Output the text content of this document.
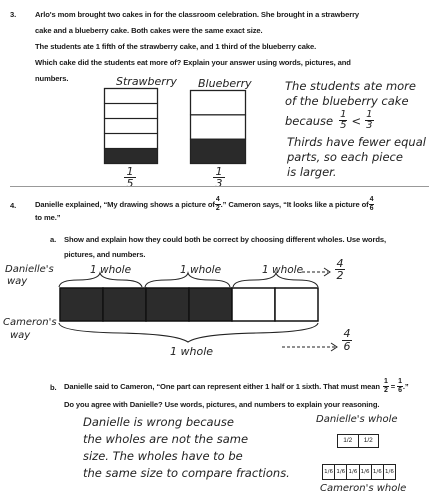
3. Arlo's mom brought two cakes in for the classroom celebration. She brought in a strawberry
cake and a blueberry cake. Both cakes were the same exact size.
The students ate 1 fifth of the strawberry cake, and 1 third of the blueberry cake.
Which cake did the students eat more of? Explain your answer using words, pictures, and
numbers.	Strawberry
1
5
Blueberry
1
3
The students ate more
of the blueberry cake
because $\frac{1}{5} < \frac{1}{3}$
Thirds have fewer equal
parts, so each piece
is larger.
4. Danielle explained, “My drawing shows a picture of $\frac{4}{2}$ .” Cameron says, “It looks like a picture of $\frac{4}{6}$
to me.”
a. Show and explain how they could both be correct by choosing different wholes. Use words,
pictures, and numbers.
Danielle's
way
1 whole	1 whole	1 whole	4
2
Cameron's
way
1 whole
4
6
b. Danielle said to Cameron, “One part can represent either 1 half or 1 sixth. That must mean $\frac{1}{2} = \frac{1}{6}$ .”
Do you agree with Danielle? Use words, pictures, and numbers to explain your reasoning.
Danielle is wrong because
the wholes are not the same
size. The wholes have to be
the same size to compare fractions.
Danielle's whole
1/2	1/2
1/6 1/6 1/6 1/6 1/6 1/6
Cameron's whole
